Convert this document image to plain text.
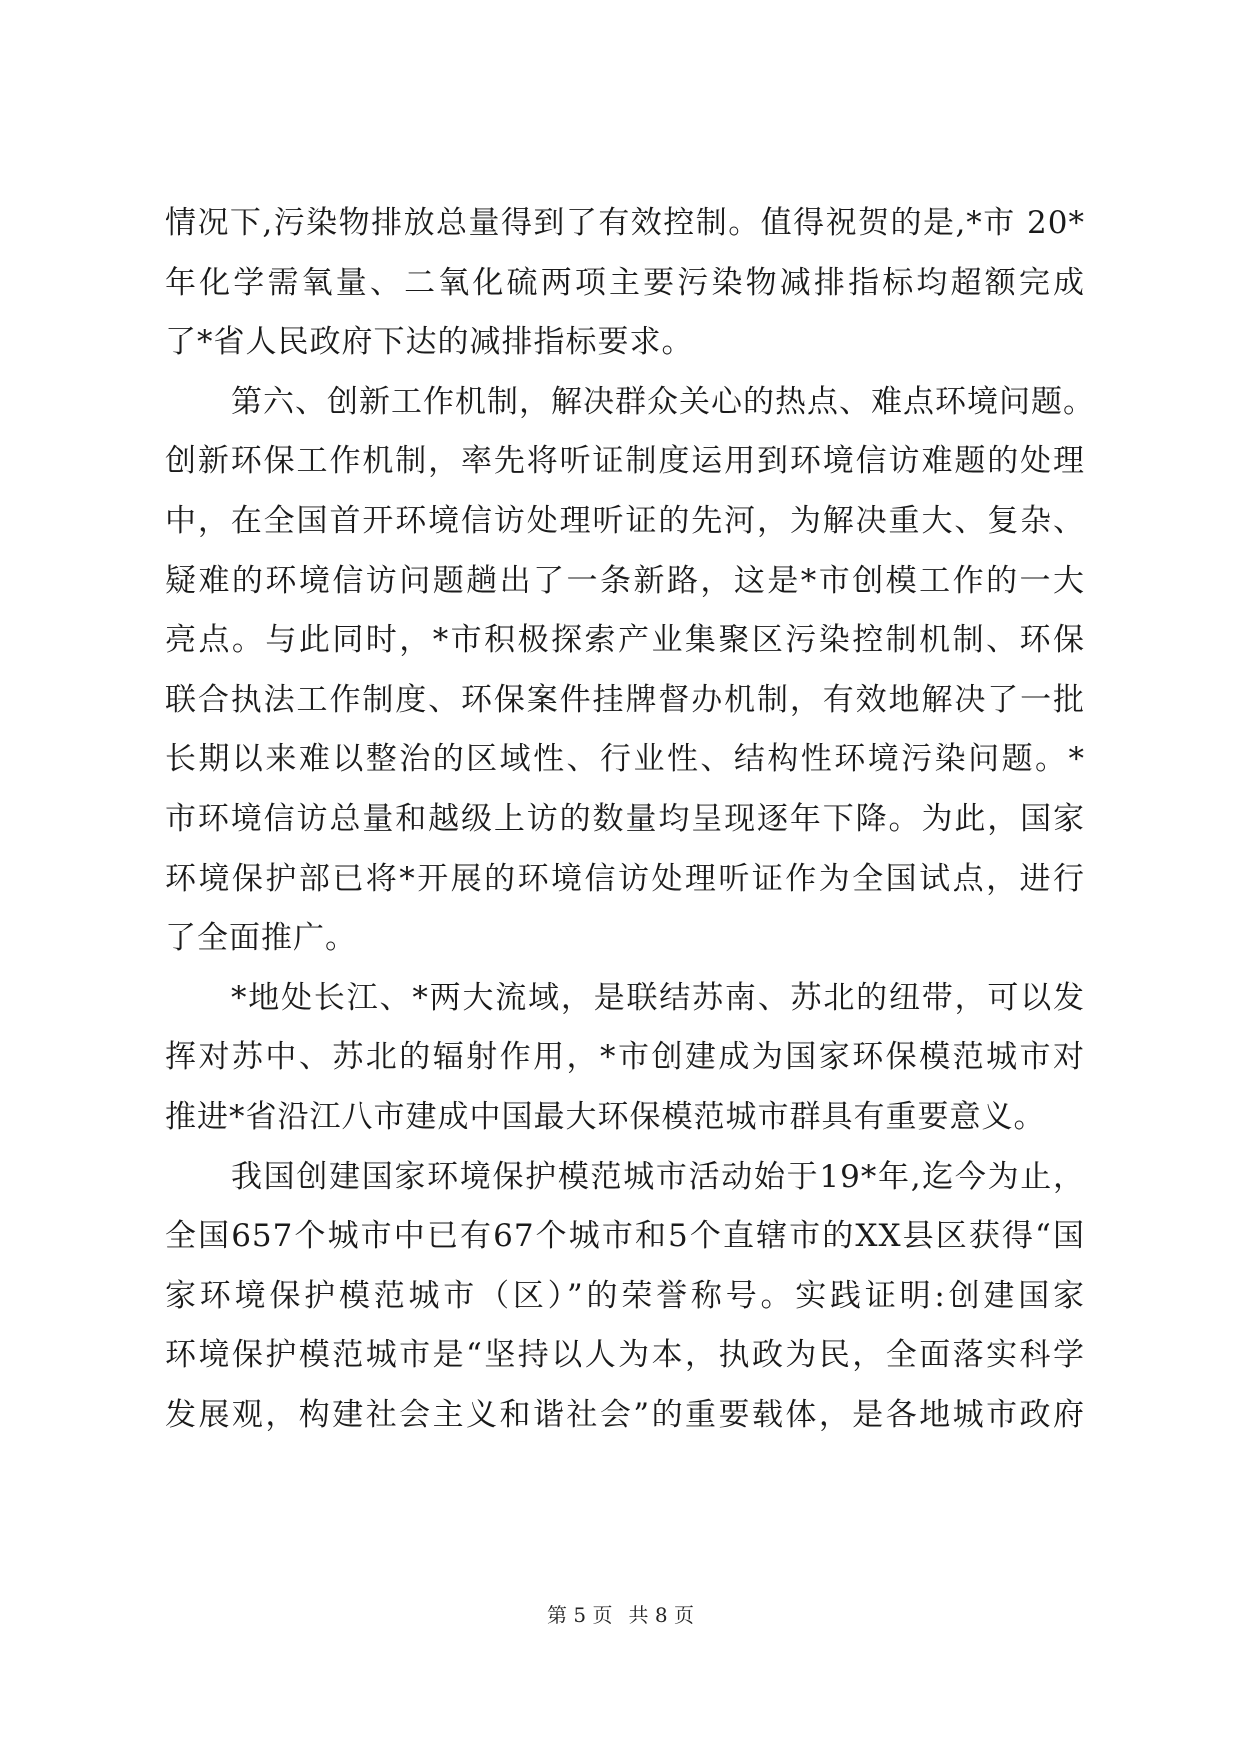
情况下,污染物排放总量得到了有效控制。值得祝贺的是,*市 20*
年化学需氧量、二氧化硫两项主要污染物减排指标均超额完成
了*省人民政府下达的减排指标要求。
第六、创新工作机制，解决群众关心的热点、难点环境问题。
创新环保工作机制，率先将听证制度运用到环境信访难题的处理
中，在全国首开环境信访处理听证的先河，为解决重大、复杂、
疑难的环境信访问题趟出了一条新路，这是*市创模工作的一大
亮点。与此同时，*市积极探索产业集聚区污染控制机制、环保
联合执法工作制度、环保案件挂牌督办机制，有效地解决了一批
长期以来难以整治的区域性、行业性、结构性环境污染问题。*
市环境信访总量和越级上访的数量均呈现逐年下降。为此，国家
环境保护部已将*开展的环境信访处理听证作为全国试点，进行
了全面推广。
*地处长江、*两大流域，是联结苏南、苏北的纽带，可以发
挥对苏中、苏北的辐射作用，*市创建成为国家环保模范城市对
推进*省沿江八市建成中国最大环保模范城市群具有重要意义。
我国创建国家环境保护模范城市活动始于19*年,迄今为止，
全国657个城市中已有67个城市和5个直辖市的XX县区获得“国
家环境保护模范城市（区）”的荣誉称号。实践证明:创建国家
环境保护模范城市是“坚持以人为本，执政为民，全面落实科学
发展观，构建社会主义和谐社会”的重要载体，是各地城市政府
第 5 页 共 8 页
